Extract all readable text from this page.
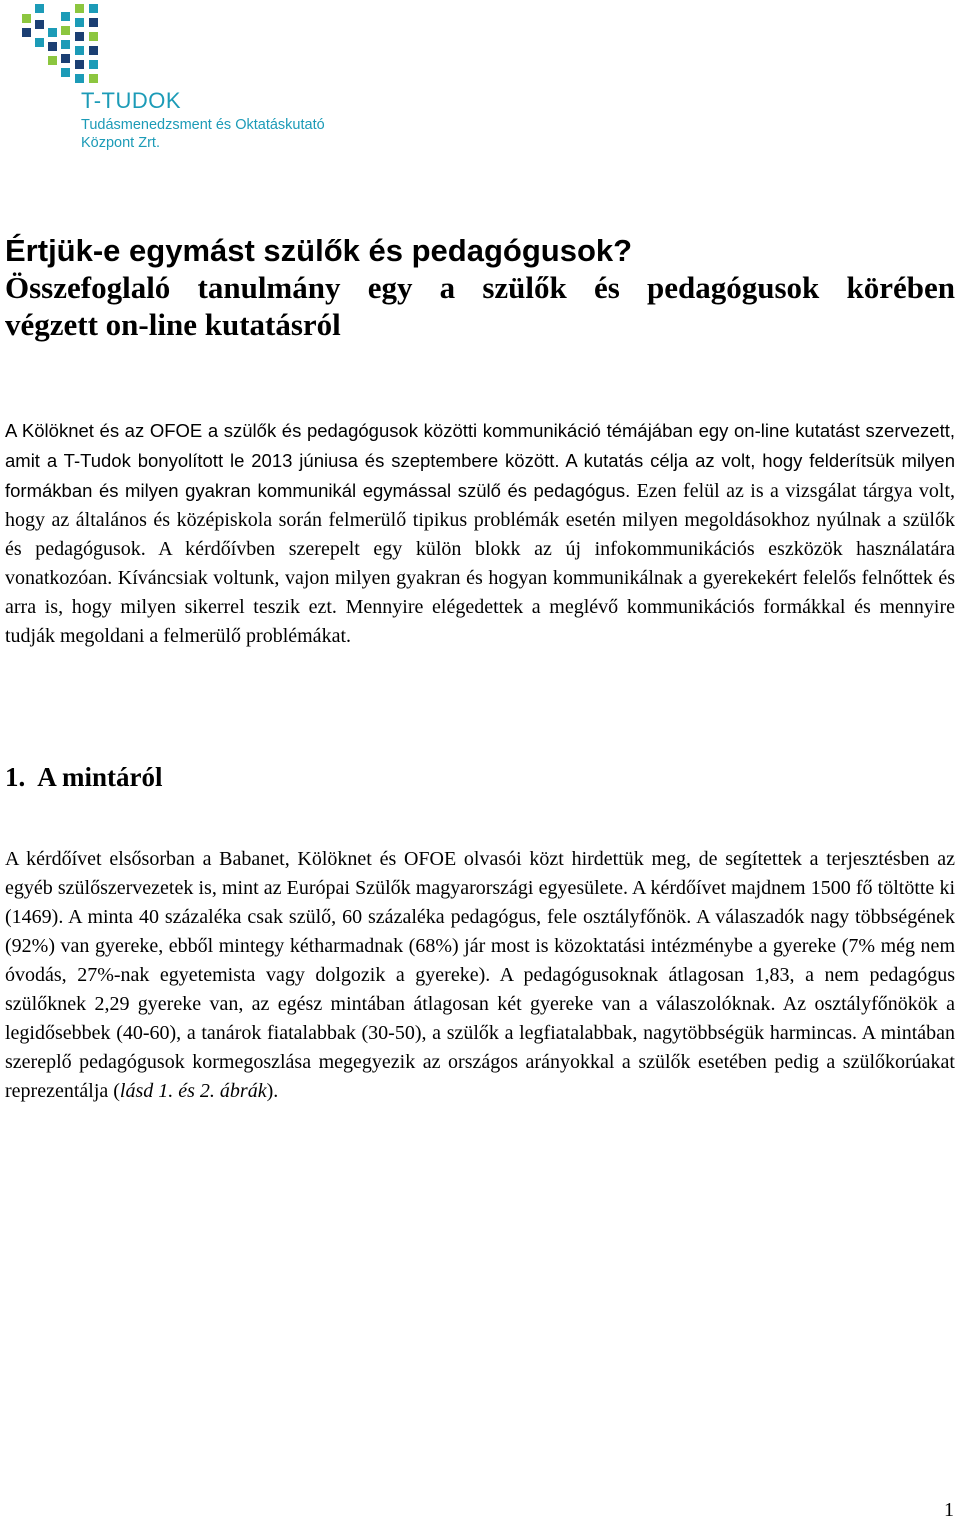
T-TUDOK
Tudásmenedzsment és Oktatáskutató
Központ Zrt.
Értjük-e egymást szülők és pedagógusok?
Összefoglaló tanulmány egy a szülők és pedagógusok körében
végzett on-line kutatásról

A Kölöknet és az OFOE a szülők és pedagógusok közötti kommunikáció témájában egy on-line kutatást szervezett, amit a T-Tudok bonyolított le 2013 júniusa és szeptembere között. A kutatás célja az volt, hogy felderítsük milyen formákban és milyen gyakran kommunikál egymással szülő és pedagógus. Ezen felül az is a vizsgálat tárgya volt, hogy az általános és középiskola során felmerülő tipikus problémák esetén milyen megoldásokhoz nyúlnak a szülők és pedagógusok. A kérdőívben szerepelt egy külön blokk az új infokommunikációs eszközök használatára vonatkozóan. Kíváncsiak voltunk, vajon milyen gyakran és hogyan kommunikálnak a gyerekekért felelős felnőttek és arra is, hogy milyen sikerrel teszik ezt. Mennyire elégedettek a meglévő kommunikációs formákkal és mennyire tudják megoldani a felmerülő problémákat.

1. A mintáról

A kérdőívet elsősorban a Babanet, Kölöknet és OFOE olvasói közt hirdettük meg, de segítettek a terjesztésben az egyéb szülőszervezetek is, mint az Európai Szülők magyarországi egyesülete. A kérdőívet majdnem 1500 fő töltötte ki (1469). A minta 40 százaléka csak szülő, 60 százaléka pedagógus, fele osztályfőnök. A válaszadók nagy többségének (92%) van gyereke, ebből mintegy kétharmadnak (68%) jár most is közoktatási intézménybe a gyereke (7% még nem óvodás, 27%-nak egyetemista vagy dolgozik a gyereke). A pedagógusoknak átlagosan 1,83, a nem pedagógus szülőknek 2,29 gyereke van, az egész mintában átlagosan két gyereke van a válaszolóknak. Az osztályfőnökök a legidősebbek (40-60), a tanárok fiatalabbak (30-50), a szülők a legfiatalabbak, nagytöbbségük harmincas. A mintában szereplő pedagógusok kormegoszlása megegyezik az országos arányokkal a szülők esetében pedig a szülőkorúakat reprezentálja (lásd 1. és 2. ábrák).

1
